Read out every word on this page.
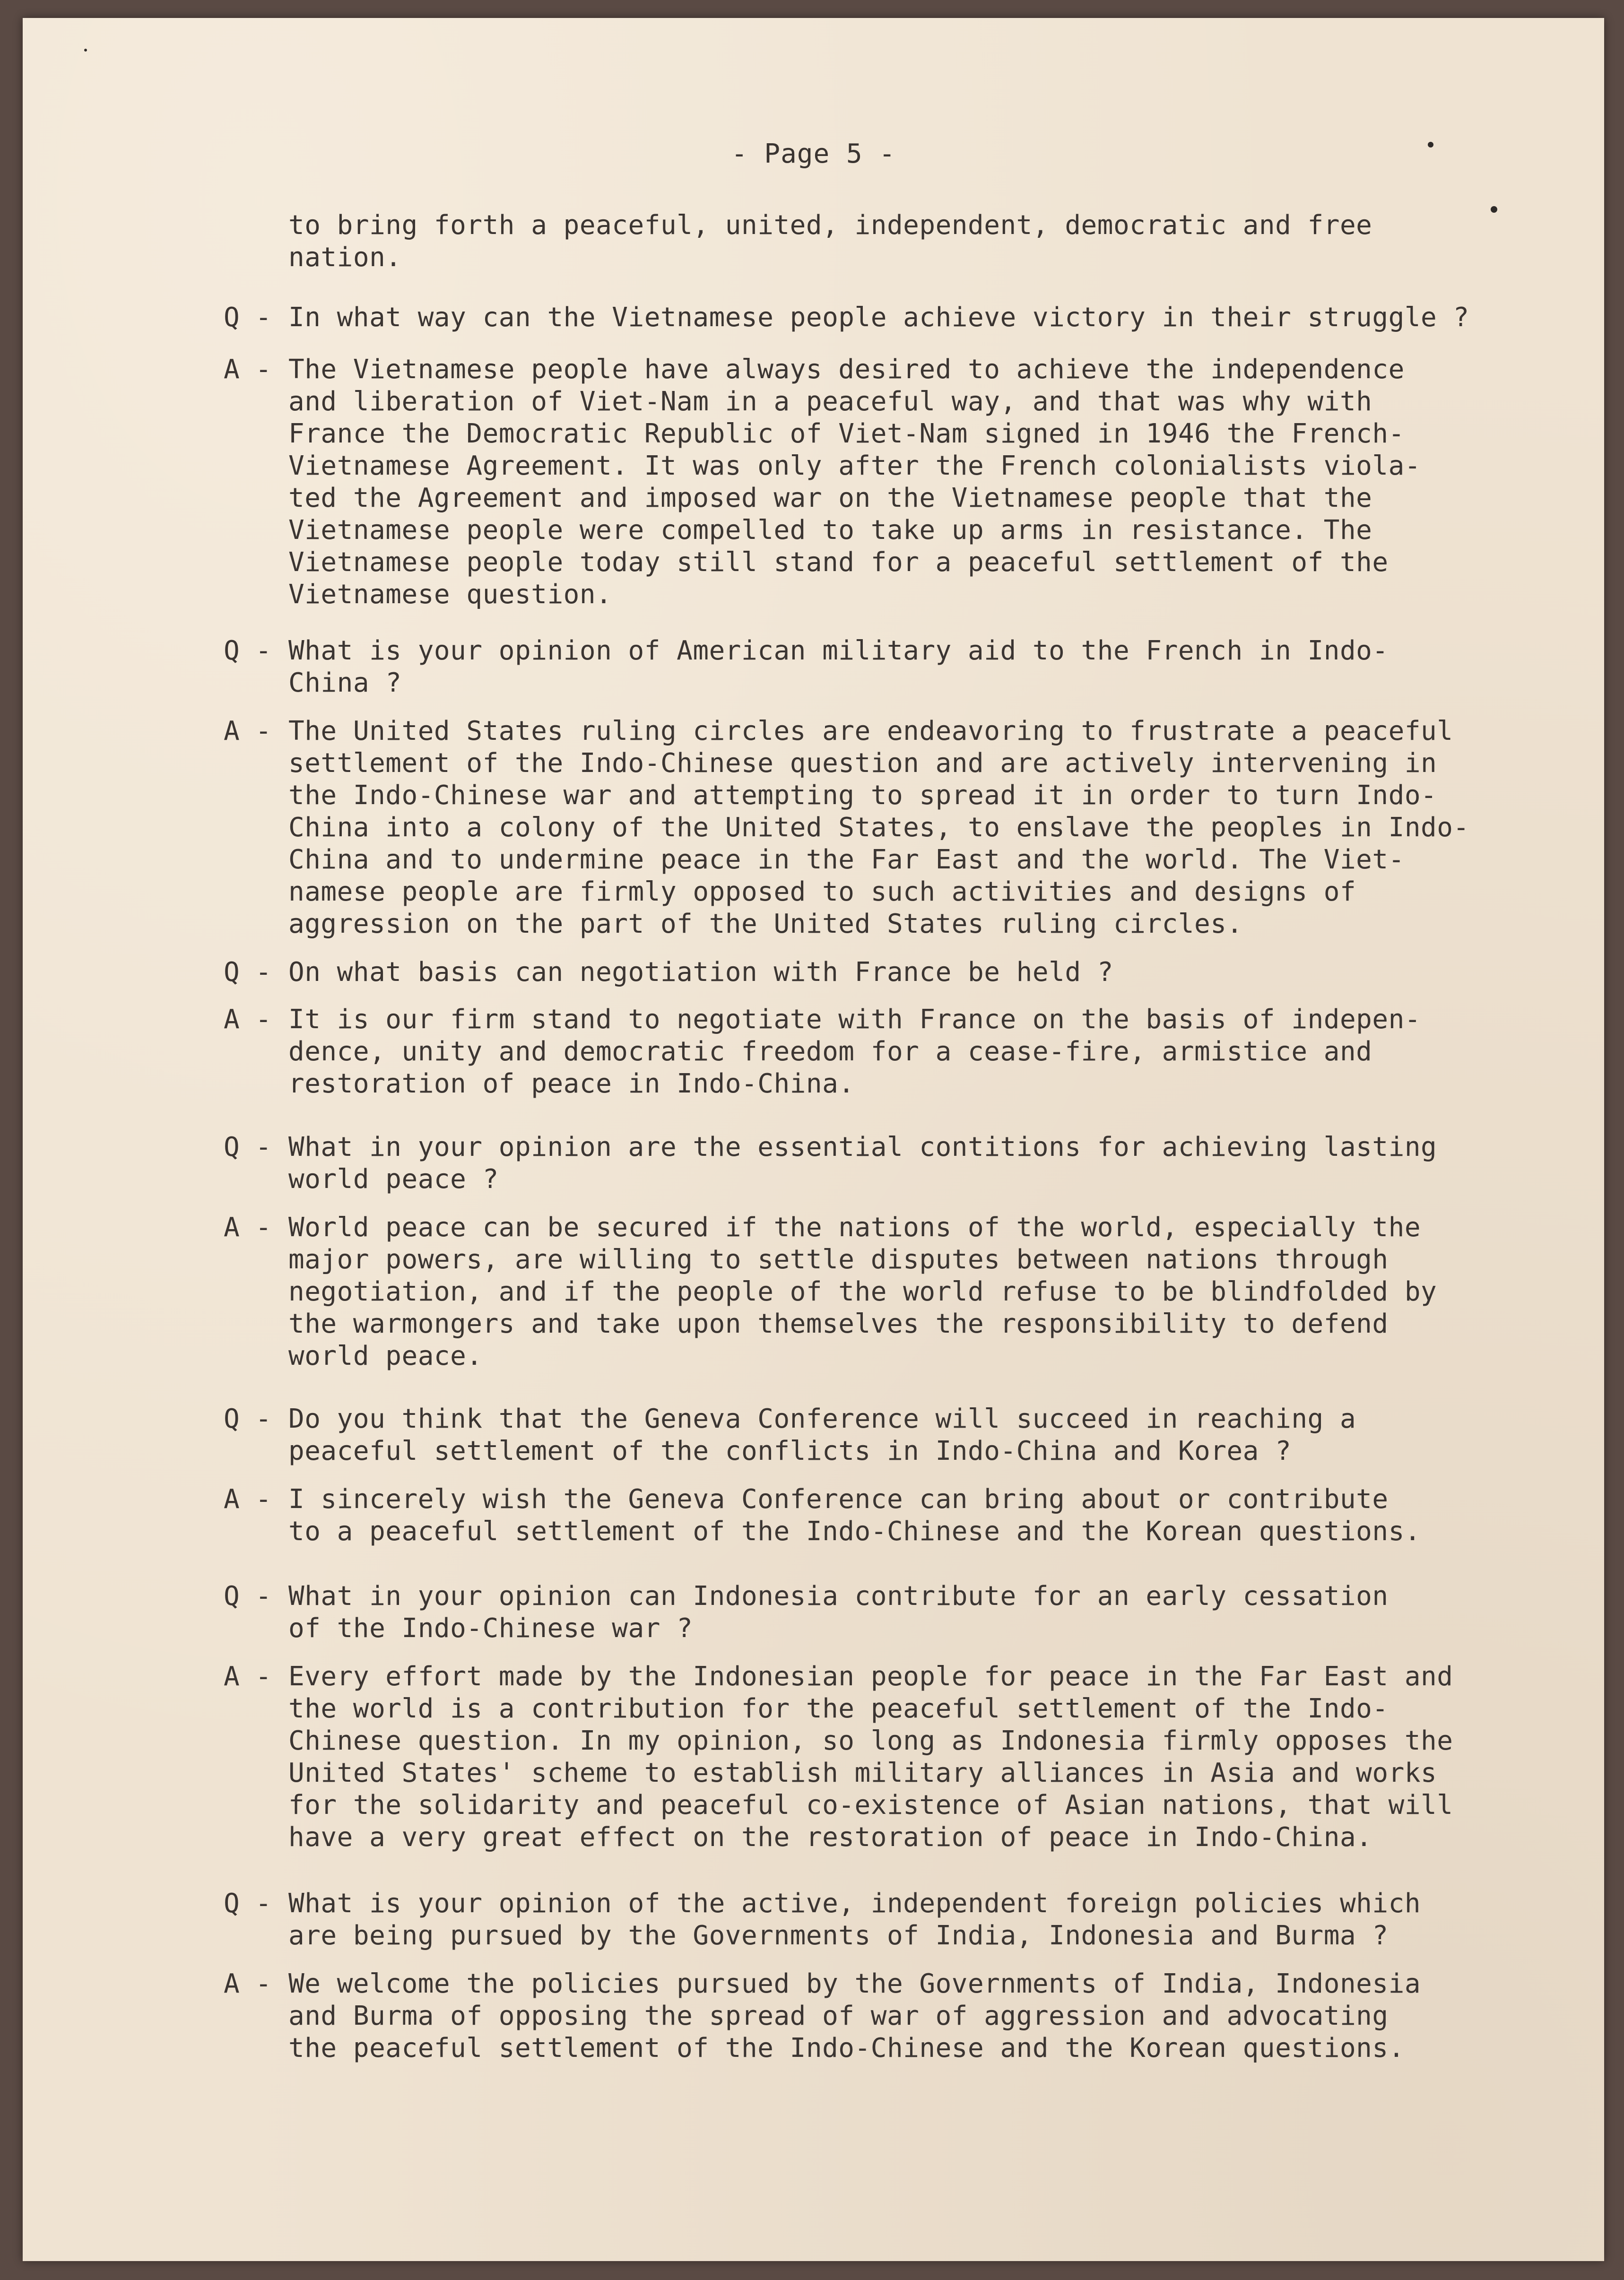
- Page 5 -
to bring forth a peaceful, united, independent, democratic and free
nation.
Q - In what way can the Vietnamese people achieve victory in their struggle ?
A - The Vietnamese people have always desired to achieve the independence
and liberation of Viet-Nam in a peaceful way, and that was why with
France the Democratic Republic of Viet-Nam signed in 1946 the French-
Vietnamese Agreement. It was only after the French colonialists viola-
ted the Agreement and imposed war on the Vietnamese people that the
Vietnamese people were compelled to take up arms in resistance. The
Vietnamese people today still stand for a peaceful settlement of the
Vietnamese question.
Q - What is your opinion of American military aid to the French in Indo-
China ?
A - The United States ruling circles are endeavoring to frustrate a peaceful
settlement of the Indo-Chinese question and are actively intervening in
the Indo-Chinese war and attempting to spread it in order to turn Indo-
China into a colony of the United States, to enslave the peoples in Indo-
China and to undermine peace in the Far East and the world. The Viet-
namese people are firmly opposed to such activities and designs of
aggression on the part of the United States ruling circles.
Q - On what basis can negotiation with France be held ?
A - It is our firm stand to negotiate with France on the basis of indepen-
dence, unity and democratic freedom for a cease-fire, armistice and
restoration of peace in Indo-China.
Q - What in your opinion are the essential contitions for achieving lasting
world peace ?
A - World peace can be secured if the nations of the world, especially the
major powers, are willing to settle disputes between nations through
negotiation, and if the people of the world refuse to be blindfolded by
the warmongers and take upon themselves the responsibility to defend
world peace.
Q - Do you think that the Geneva Conference will succeed in reaching a
peaceful settlement of the conflicts in Indo-China and Korea ?
A - I sincerely wish the Geneva Conference can bring about or contribute
to a peaceful settlement of the Indo-Chinese and the Korean questions.
Q - What in your opinion can Indonesia contribute for an early cessation
of the Indo-Chinese war ?
A - Every effort made by the Indonesian people for peace in the Far East and
the world is a contribution for the peaceful settlement of the Indo-
Chinese question. In my opinion, so long as Indonesia firmly opposes the
United States' scheme to establish military alliances in Asia and works
for the solidarity and peaceful co-existence of Asian nations, that will
have a very great effect on the restoration of peace in Indo-China.
Q - What is your opinion of the active, independent foreign policies which
are being pursued by the Governments of India, Indonesia and Burma ?
A - We welcome the policies pursued by the Governments of India, Indonesia
and Burma of opposing the spread of war of aggression and advocating
the peaceful settlement of the Indo-Chinese and the Korean questions.
